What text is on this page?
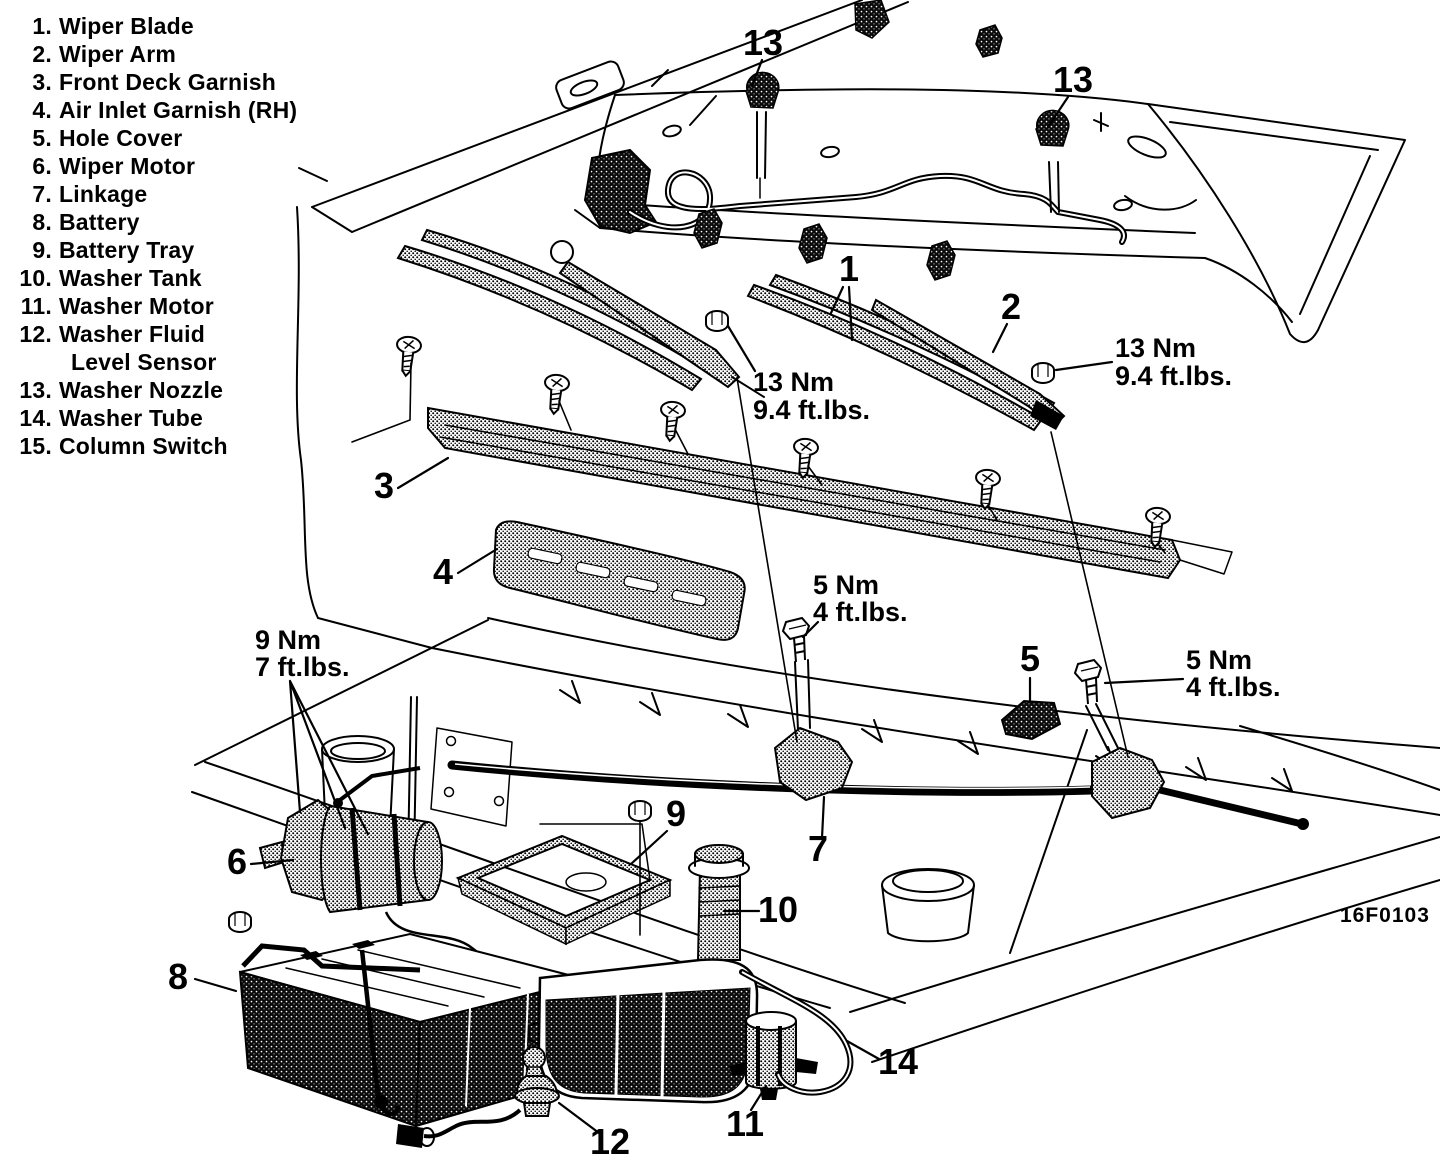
1. Wiper Blade
2. Wiper Arm
3. Front Deck Garnish
4. Air Inlet Garnish (RH)
5. Hole Cover
6. Wiper Motor
7. Linkage
8. Battery
9. Battery Tray
10. Washer Tank
11. Washer Motor
12. Washer Fluid
Level Sensor
13. Washer Nozzle
14. Washer Tube
15. Column Switch
13
13
1
2
3
4
5
6	7
8
9
10
11
12
14
13 Nm
9.4 ft.lbs.
13 Nm
9.4 ft.lbs.
5 Nm
4 ft.lbs.
5 Nm
4 ft.lbs.
9 Nm
7 ft.lbs.
16F0103
